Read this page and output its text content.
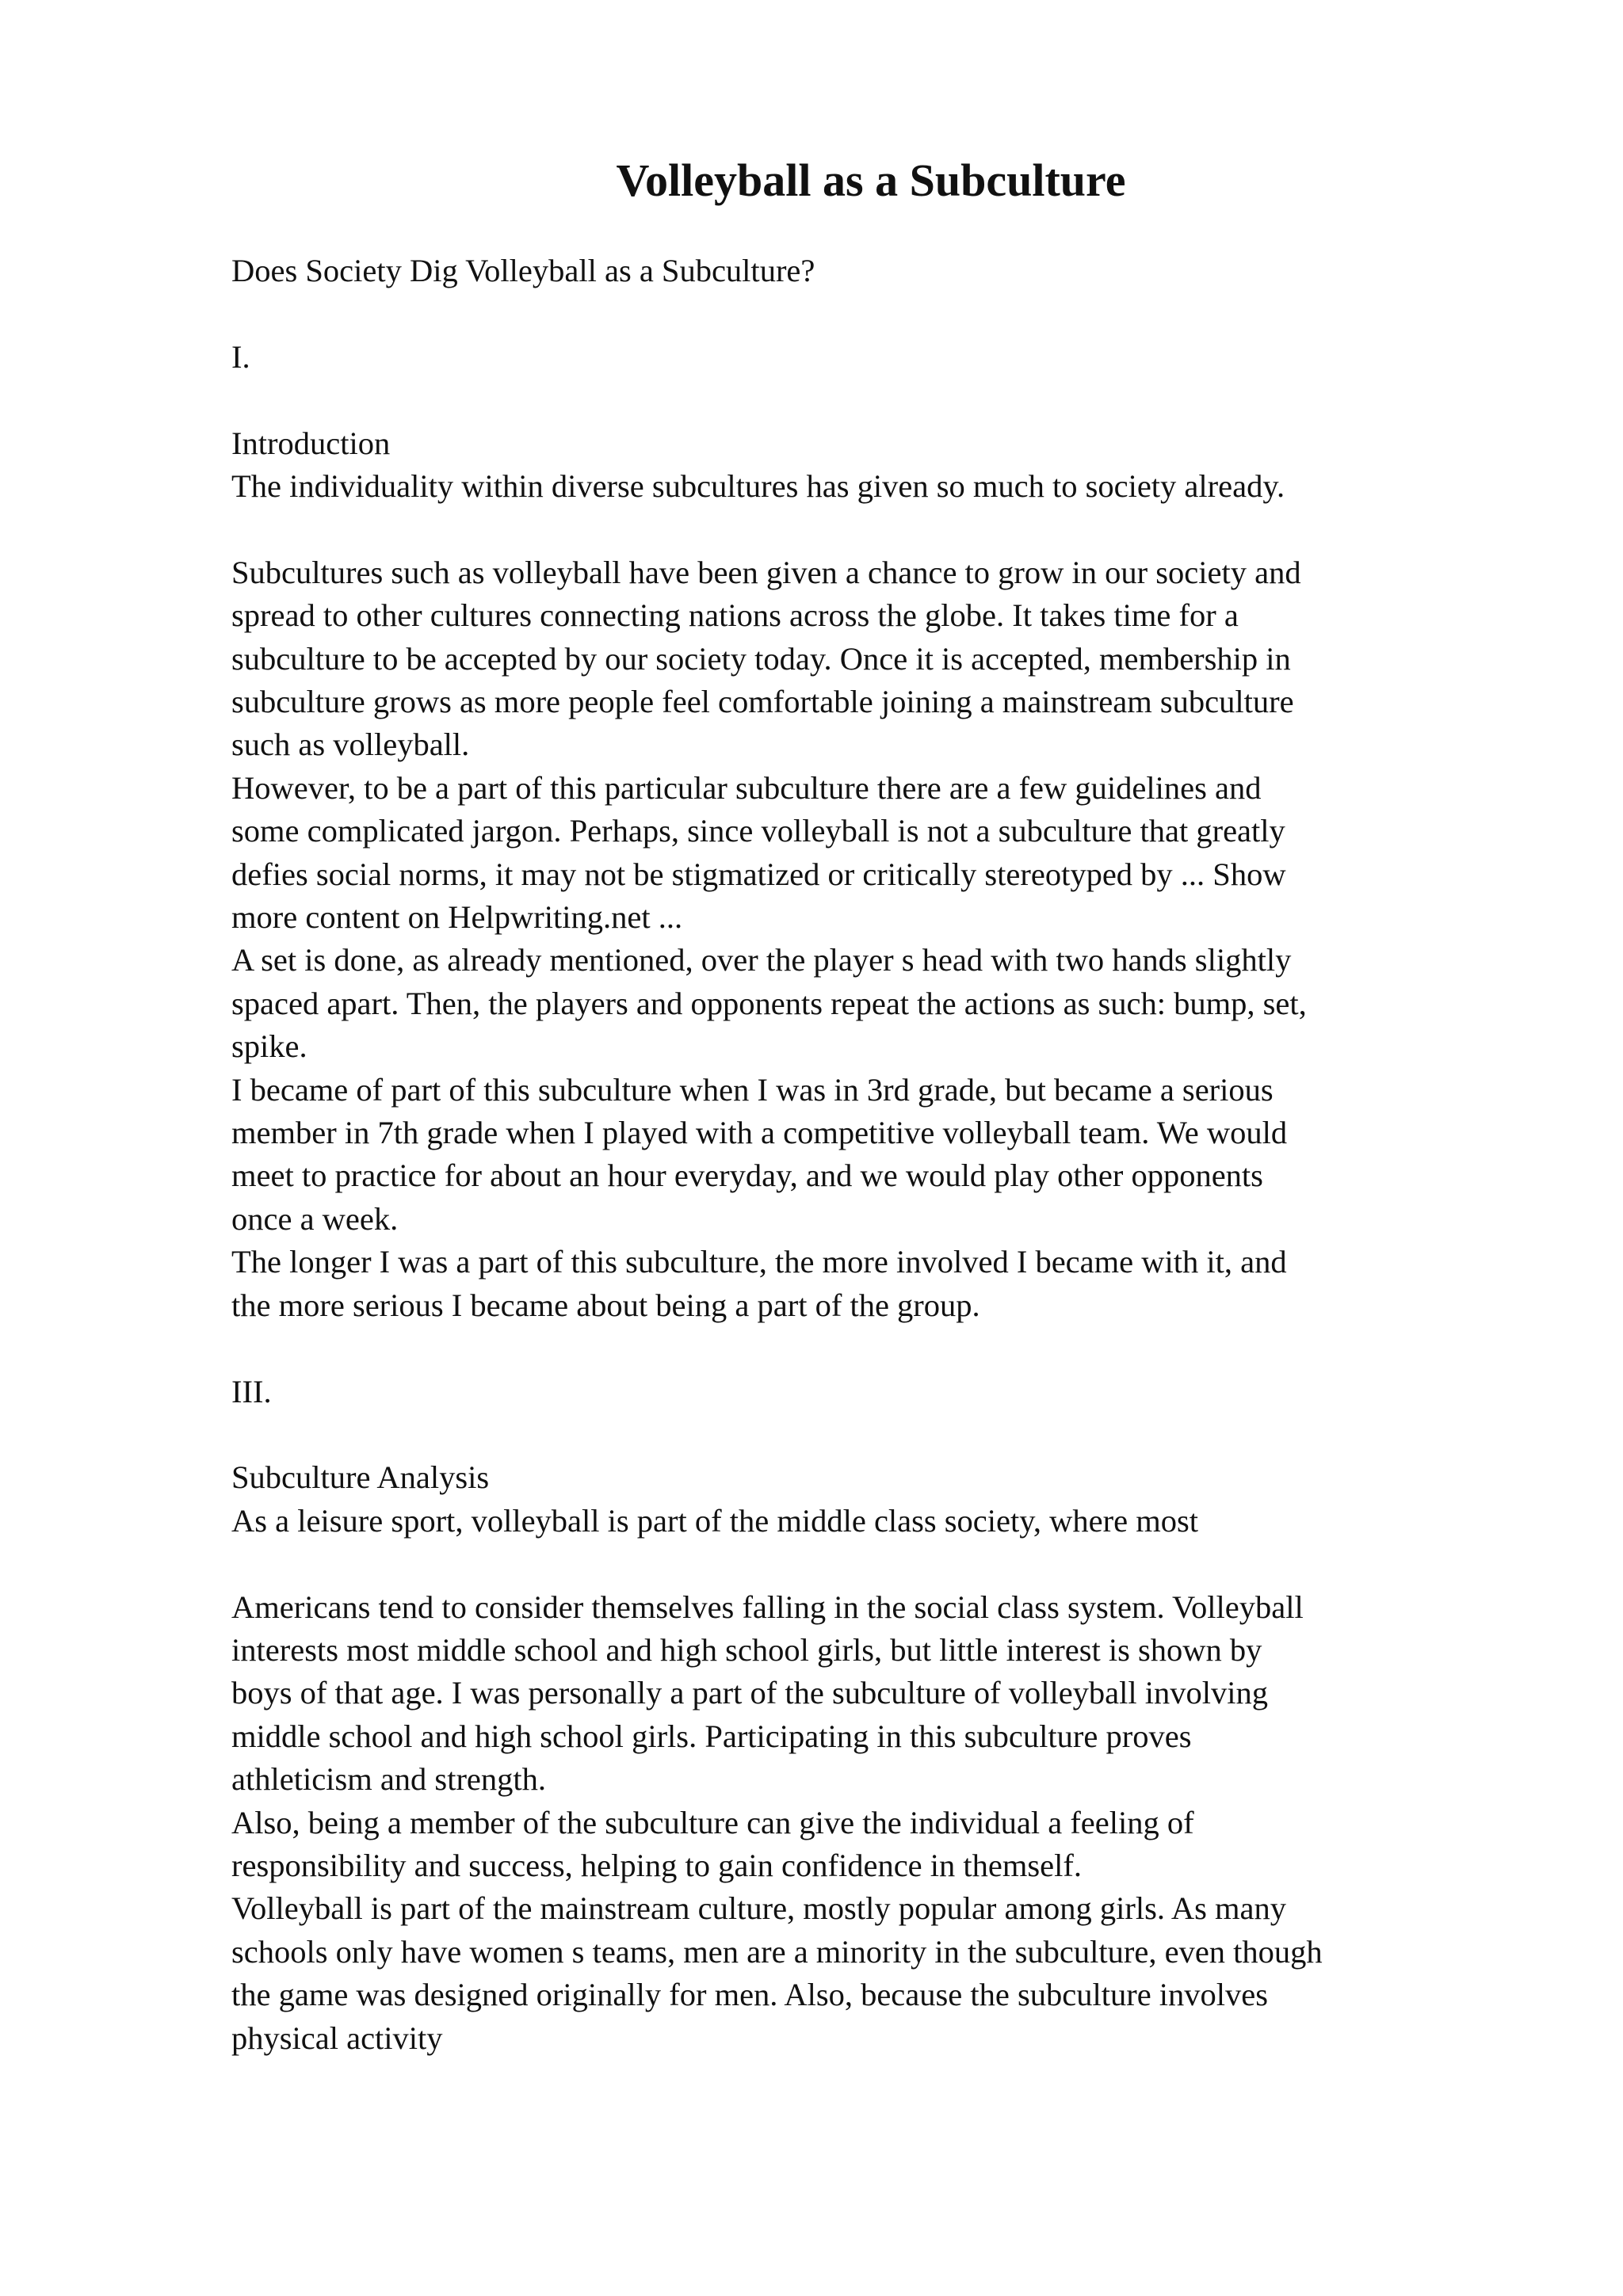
Volleyball as a Subculture

Does Society Dig Volleyball as a Subculture?

I.

Introduction

The individuality within diverse subcultures has given so much to society already.

Subcultures such as volleyball have been given a chance to grow in our society and

spread to other cultures connecting nations across the globe. It takes time for a

subculture to be accepted by our society today. Once it is accepted, membership in

subculture grows as more people feel comfortable joining a mainstream subculture

such as volleyball.

However, to be a part of this particular subculture there are a few guidelines and

some complicated jargon. Perhaps, since volleyball is not a subculture that greatly

defies social norms, it may not be stigmatized or critically stereotyped by ... Show

more content on Helpwriting.net ...

A set is done, as already mentioned, over the player s head with two hands slightly

spaced apart. Then, the players and opponents repeat the actions as such: bump, set,

spike.

I became of part of this subculture when I was in 3rd grade, but became a serious

member in 7th grade when I played with a competitive volleyball team. We would

meet to practice for about an hour everyday, and we would play other opponents

once a week.

The longer I was a part of this subculture, the more involved I became with it, and

the more serious I became about being a part of the group.

III.

Subculture Analysis

As a leisure sport, volleyball is part of the middle class society, where most

Americans tend to consider themselves falling in the social class system. Volleyball

interests most middle school and high school girls, but little interest is shown by

boys of that age. I was personally a part of the subculture of volleyball involving

middle school and high school girls. Participating in this subculture proves

athleticism and strength.

Also, being a member of the subculture can give the individual a feeling of

responsibility and success, helping to gain confidence in themself.

Volleyball is part of the mainstream culture, mostly popular among girls. As many

schools only have women s teams, men are a minority in the subculture, even though

the game was designed originally for men. Also, because the subculture involves

physical activity
